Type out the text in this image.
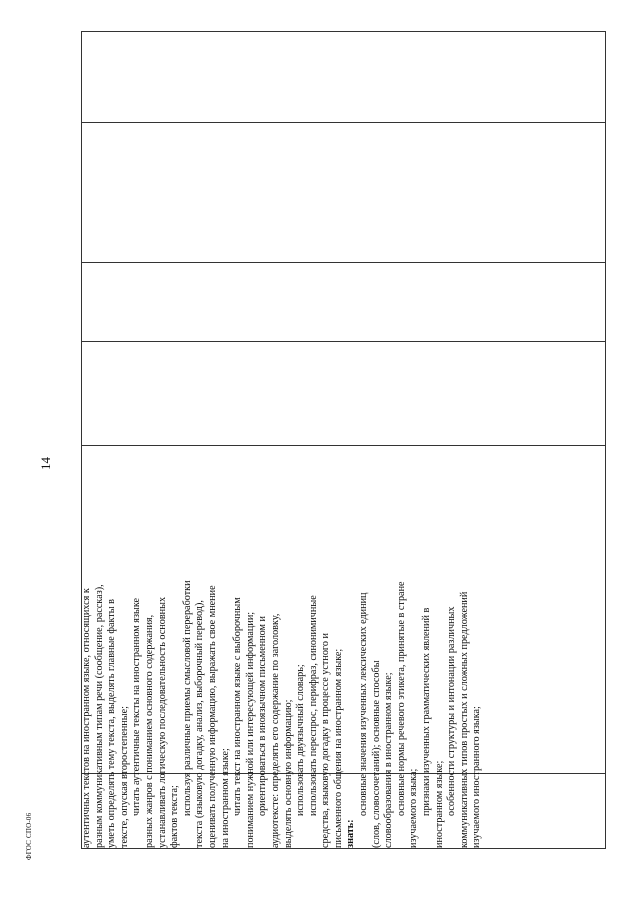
14
ФГОС СПО-06	аутентичных текстов на иностранном языке, относящихся к разным коммуникативным типам речи (сообщение, рассказ), уметь определять тему текста, выделять главные факты в тексте, опуская второстепенные; читать аутентичные тексты на иностранном языке разных жанров с пониманием основного содержания, устанавливать логическую последовательность основных фактов текста;
используя различные приемы смысловой переработки текста (языковую догадку, анализ, выборочный перевод), оценивать полученную информацию, выражать свое мнение на иностранном языке; читать текст на иностранном языке с выборочным пониманием нужной или интересующей информации; ориентироваться в иноязычном письменном и аудиотексте: определять его содержание по заголовку, выделять основную информацию; использовать двуязычный словарь; использовать переспрос, перифраз, синонимичные средства, языковую догадку в процессе устного и письменного общения на иностранном языке; знать:
основные значения изученных лексических единиц (слов, словосочетаний); основные способы словообразования в иностранном языке; основные нормы речевого этикета, принятые в стране изучаемого языка; признаки изученных грамматических явлений в иностранном языке; особенности структуры и интонации различных коммуникативных типов простых и сложных предложений изучаемого иностранного языка;
